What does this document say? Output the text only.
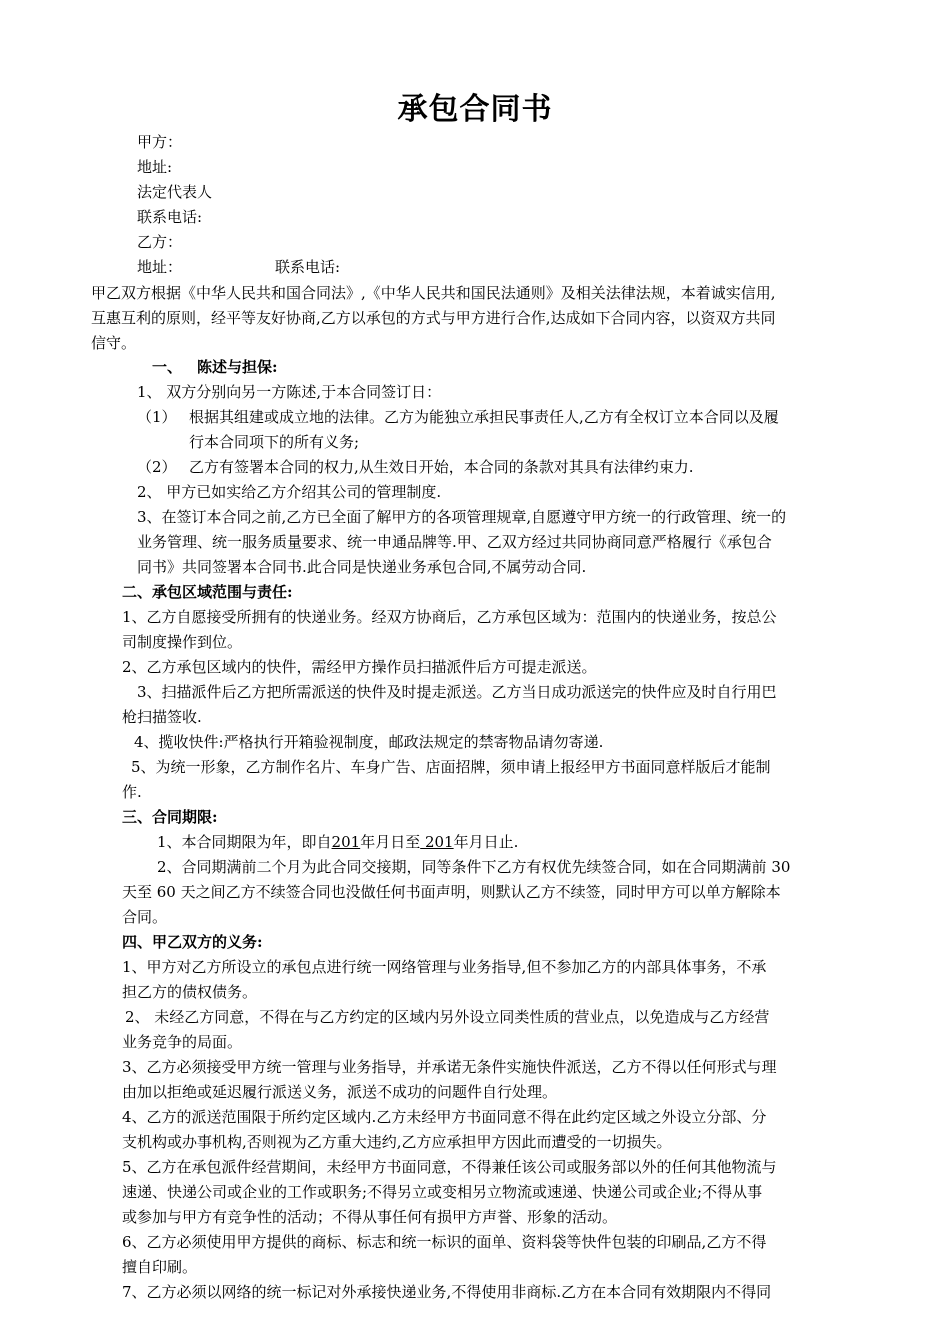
承包合同书
甲方：
地址:
法定代表人
联系电话:
乙方：
地址：	联系电话:
甲乙双方根据《中华人民共和国合同法》,《中华人民共和国民法通则》及相关法律法规，本着诚实信用,
互惠互利的原则，经平等友好协商,乙方以承包的方式与甲方进行合作,达成如下合同内容，以资双方共同
信守。
一、 陈述与担保:
1、 双方分别向另一方陈述,于本合同签订日：
（1） 根据其组建或成立地的法律。乙方为能独立承担民事责任人,乙方有全权订立本合同以及履
行本合同项下的所有义务;
（2） 乙方有签署本合同的权力,从生效日开始，本合同的条款对其具有法律约束力.
2、 甲方已如实给乙方介绍其公司的管理制度.
3、在签订本合同之前,乙方已全面了解甲方的各项管理规章,自愿遵守甲方统一的行政管理、统一的
业务管理、统一服务质量要求、统一申通品牌等.甲、乙双方经过共同协商同意严格履行《承包合
同书》共同签署本合同书.此合同是快递业务承包合同,不属劳动合同.
二、承包区域范围与责任:
1、乙方自愿接受所拥有的快递业务。经双方协商后，乙方承包区域为：范围内的快递业务，按总公
司制度操作到位。
2、乙方承包区域内的快件，需经甲方操作员扫描派件后方可提走派送。
3、扫描派件后乙方把所需派送的快件及时提走派送。乙方当日成功派送完的快件应及时自行用巴
枪扫描签收.
4、揽收快件:严格执行开箱验视制度，邮政法规定的禁寄物品请勿寄递.
5、为统一形象，乙方制作名片、车身广告、店面招牌，须申请上报经甲方书面同意样版后才能制
作.
三、合同期限:
1、本合同期限为年，即自201年月日至 201年月日止.
2、合同期满前二个月为此合同交接期，同等条件下乙方有权优先续签合同，如在合同期满前 30
天至 60 天之间乙方不续签合同也没做任何书面声明，则默认乙方不续签，同时甲方可以单方解除本
合同。
四、甲乙双方的义务:
1、甲方对乙方所设立的承包点进行统一网络管理与业务指导,但不参加乙方的内部具体事务，不承
担乙方的债权债务。
2、 未经乙方同意，不得在与乙方约定的区域内另外设立同类性质的营业点，以免造成与乙方经营
业务竞争的局面。
3、乙方必须接受甲方统一管理与业务指导，并承诺无条件实施快件派送，乙方不得以任何形式与理
由加以拒绝或延迟履行派送义务，派送不成功的问题件自行处理。
4、乙方的派送范围限于所约定区域内.乙方未经甲方书面同意不得在此约定区域之外设立分部、分
支机构或办事机构,否则视为乙方重大违约,乙方应承担甲方因此而遭受的一切损失。
5、乙方在承包派件经营期间，未经甲方书面同意，不得兼任该公司或服务部以外的任何其他物流与
速递、快递公司或企业的工作或职务;不得另立或变相另立物流或速递、快递公司或企业;不得从事
或参加与甲方有竞争性的活动；不得从事任何有损甲方声誉、形象的活动。
6、乙方必须使用甲方提供的商标、标志和统一标识的面单、资料袋等快件包装的印刷品,乙方不得
擅自印刷。
7、乙方必须以网络的统一标记对外承接快递业务,不得使用非商标.乙方在本合同有效期限内不得同
